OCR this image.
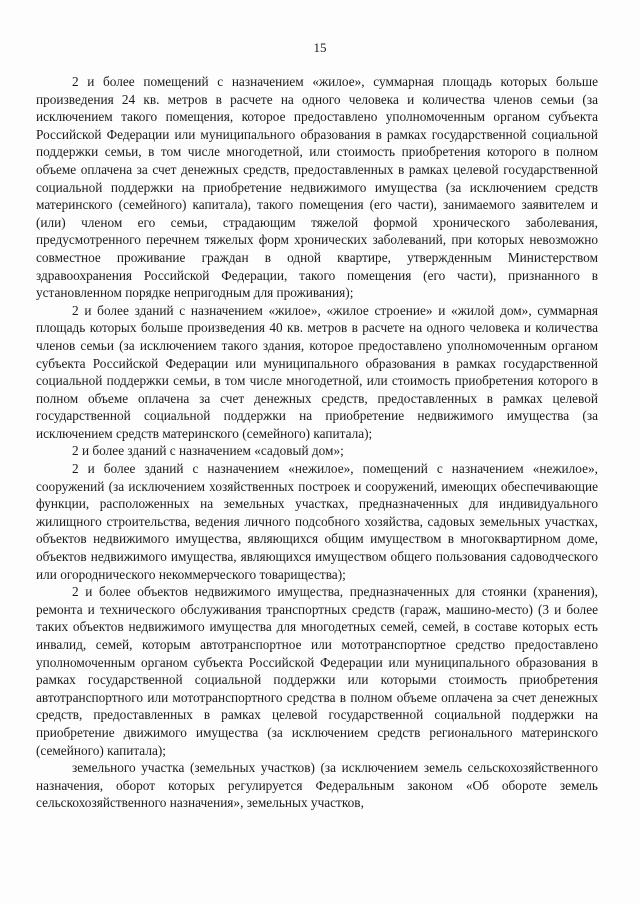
15

2 и более помещений с назначением «жилое», суммарная площадь которых больше произведения 24 кв. метров в расчете на одного человека и количества членов семьи (за исключением такого помещения, которое предоставлено уполномоченным органом субъекта Российской Федерации или муниципального образования в рамках государственной социальной поддержки семьи, в том числе многодетной, или стоимость приобретения которого в полном объеме оплачена за счет денежных средств, предоставленных в рамках целевой государственной социальной поддержки на приобретение недвижимого имущества (за исключением средств материнского (семейного) капитала), такого помещения (его части), занимаемого заявителем и (или) членом его семьи, страдающим тяжелой формой хронического заболевания, предусмотренного перечнем тяжелых форм хронических заболеваний, при которых невозможно совместное проживание граждан в одной квартире, утвержденным Министерством здравоохранения Российской Федерации, такого помещения (его части), признанного в установленном порядке непригодным для проживания);

2 и более зданий с назначением «жилое», «жилое строение» и «жилой дом», суммарная площадь которых больше произведения 40 кв. метров в расчете на одного человека и количества членов семьи (за исключением такого здания, которое предоставлено уполномоченным органом субъекта Российской Федерации или муниципального образования в рамках государственной социальной поддержки семьи, в том числе многодетной, или стоимость приобретения которого в полном объеме оплачена за счет денежных средств, предоставленных в рамках целевой государственной социальной поддержки на приобретение недвижимого имущества (за исключением средств материнского (семейного) капитала);

2 и более зданий с назначением «садовый дом»;

2 и более зданий с назначением «нежилое», помещений с назначением «нежилое», сооружений (за исключением хозяйственных построек и сооружений, имеющих обеспечивающие функции, расположенных на земельных участках, предназначенных для индивидуального жилищного строительства, ведения личного подсобного хозяйства, садовых земельных участках, объектов недвижимого имущества, являющихся общим имуществом в многоквартирном доме, объектов недвижимого имущества, являющихся имуществом общего пользования садоводческого или огороднического некоммерческого товарищества);

2 и более объектов недвижимого имущества, предназначенных для стоянки (хранения), ремонта и технического обслуживания транспортных средств (гараж, машино-место) (3 и более таких объектов недвижимого имущества для многодетных семей, семей, в составе которых есть инвалид, семей, которым автотранспортное или мототранспортное средство предоставлено уполномоченным органом субъекта Российской Федерации или муниципального образования в рамках государственной социальной поддержки или которыми стоимость приобретения автотранспортного или мототранспортного средства в полном объеме оплачена за счет денежных средств, предоставленных в рамках целевой государственной социальной поддержки на приобретение движимого имущества (за исключением средств регионального материнского (семейного) капитала);

земельного участка (земельных участков) (за исключением земель сельскохозяйственного назначения, оборот которых регулируется Федеральным законом «Об обороте земель сельскохозяйственного назначения», земельных участков,
